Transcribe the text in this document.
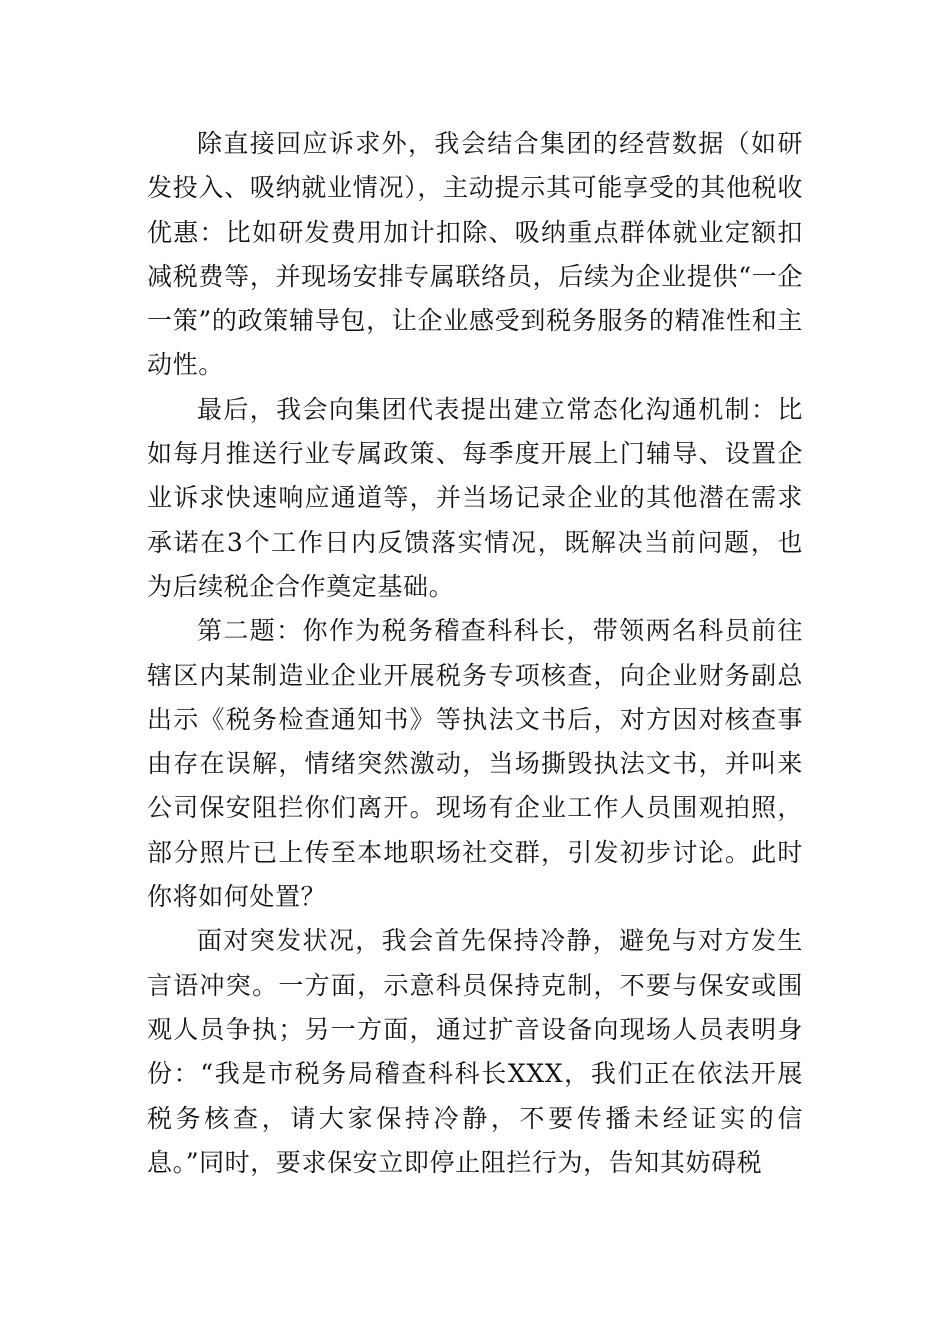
除直接回应诉求外，我会结合集团的经营数据（如研发投入、吸纳就业情况），主动提示其可能享受的其他税收优惠：比如研发费用加计扣除、吸纳重点群体就业定额扣减税费等，并现场安排专属联络员，后续为企业提供“一企一策”的政策辅导包，让企业感受到税务服务的精准性和主动性。

最后，我会向集团代表提出建立常态化沟通机制：比如每月推送行业专属政策、每季度开展上门辅导、设置企业诉求快速响应通道等，并当场记录企业的其他潜在需求承诺在3个工作日内反馈落实情况，既解决当前问题，也为后续税企合作奠定基础。

第二题：你作为税务稽查科科长，带领两名科员前往辖区内某制造业企业开展税务专项核查，向企业财务副总出示《税务检查通知书》等执法文书后，对方因对核查事由存在误解，情绪突然激动，当场撕毁执法文书，并叫来公司保安阻拦你们离开。现场有企业工作人员围观拍照，部分照片已上传至本地职场社交群，引发初步讨论。此时你将如何处置？

面对突发状况，我会首先保持冷静，避免与对方发生言语冲突。一方面，示意科员保持克制，不要与保安或围观人员争执；另一方面，通过扩音设备向现场人员表明身份：“我是市税务局稽查科科长XXX，我们正在依法开展税务核查，请大家保持冷静，不要传播未经证实的信息。”同时，要求保安立即停止阻拦行为，告知其妨碍税
